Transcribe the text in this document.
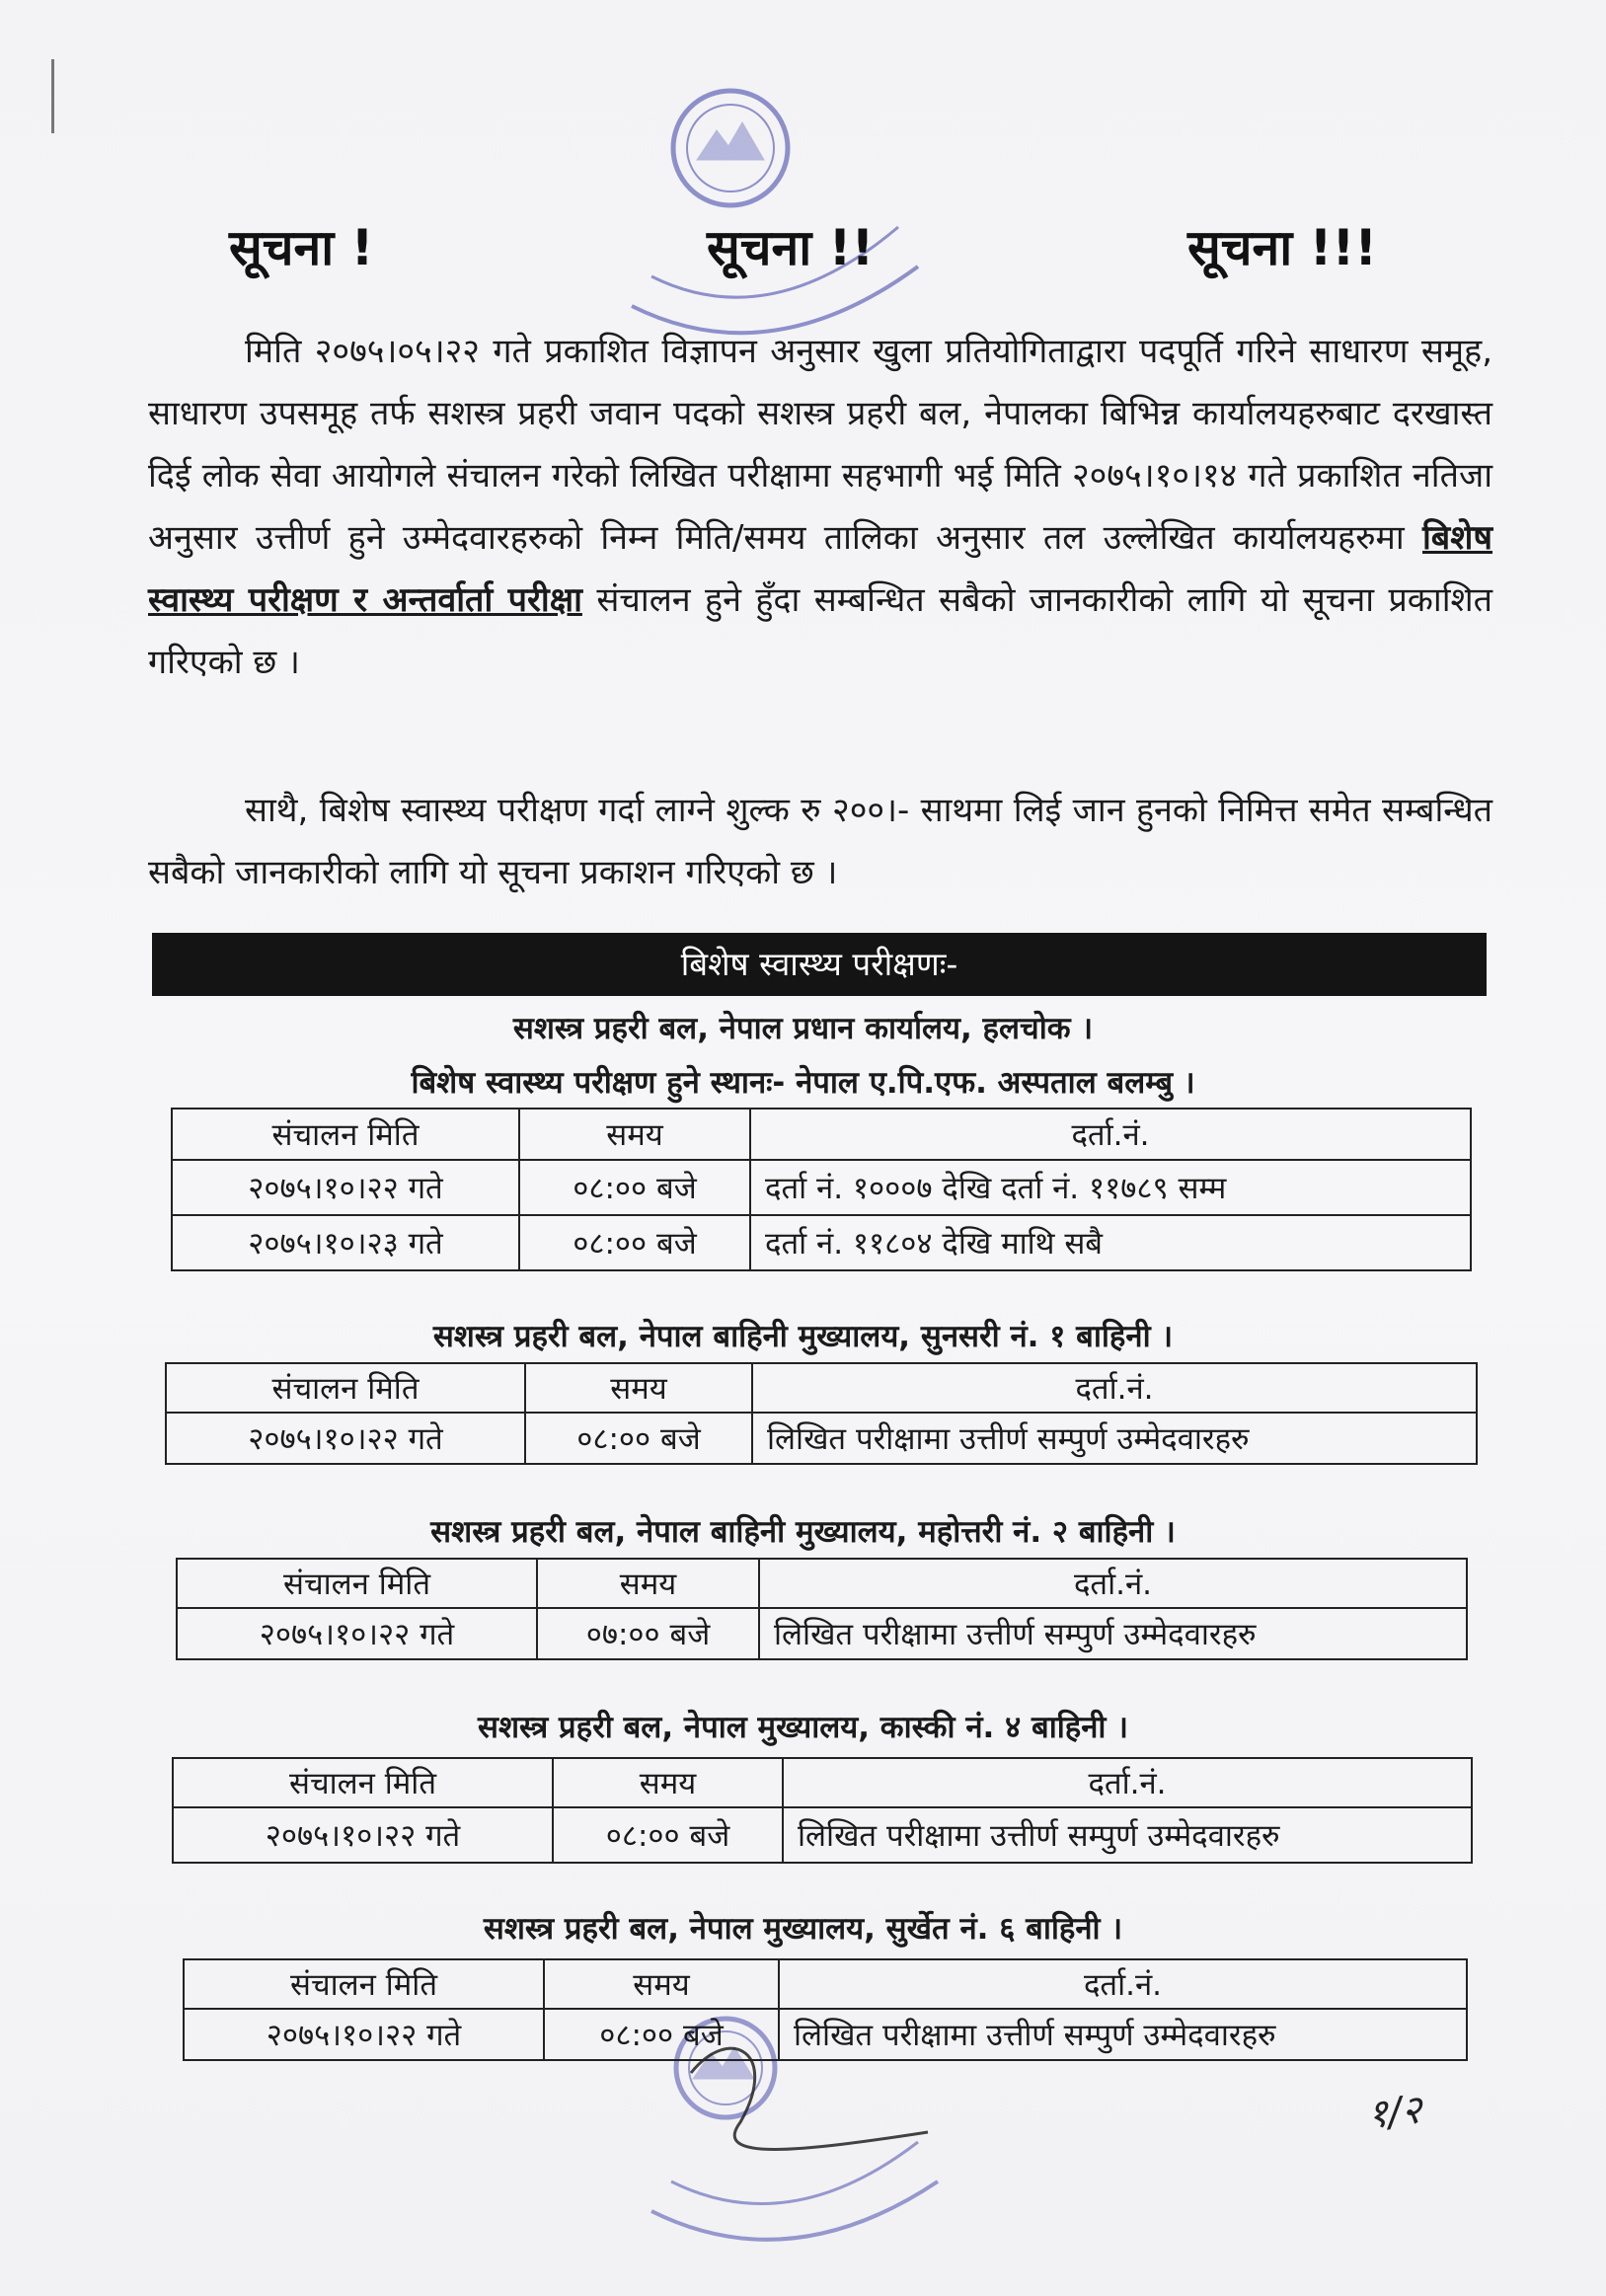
सूचना !	सूचना !!	सूचना !!!
मिति २०७५।०५।२२ गते प्रकाशित विज्ञापन अनुसार खुला प्रतियोगिताद्वारा पदपूर्ति गरिने साधारण समूह, साधारण उपसमूह तर्फ सशस्त्र प्रहरी जवान पदको सशस्त्र प्रहरी बल, नेपालका बिभिन्न कार्यालयहरुबाट दरखास्त दिई लोक सेवा आयोगले संचालन गरेको लिखित परीक्षामा सहभागी भई मिति २०७५।१०।१४ गते प्रकाशित नतिजा अनुसार उत्तीर्ण हुने उम्मेदवारहरुको निम्न मिति/समय तालिका अनुसार तल उल्लेखित कार्यालयहरुमा बिशेष स्वास्थ्य परीक्षण र अन्तर्वार्ता परीक्षा संचालन हुने हुँदा सम्बन्धित सबैको जानकारीको लागि यो सूचना प्रकाशित गरिएको छ ।
साथै, बिशेष स्वास्थ्य परीक्षण गर्दा लाग्ने शुल्क रु २००।- साथमा लिई जान हुनको निमित्त समेत सम्बन्धित सबैको जानकारीको लागि यो सूचना प्रकाशन गरिएको छ ।
बिशेष स्वास्थ्य परीक्षणः-
सशस्त्र प्रहरी बल, नेपाल प्रधान कार्यालय, हलचोक ।
बिशेष स्वास्थ्य परीक्षण हुने स्थानः- नेपाल ए.पि.एफ. अस्पताल बलम्बु ।
संचालन मिति	समय	दर्ता.नं.
२०७५।१०।२२ गते	०८:०० बजे	दर्ता नं. १०००७ देखि दर्ता नं. ११७८९ सम्म
२०७५।१०।२३ गते	०८:०० बजे	दर्ता नं. ११८०४ देखि माथि सबै
सशस्त्र प्रहरी बल, नेपाल बाहिनी मुख्यालय, सुनसरी नं. १ बाहिनी ।
संचालन मिति	समय	दर्ता.नं.
२०७५।१०।२२ गते	०८:०० बजे	लिखित परीक्षामा उत्तीर्ण सम्पुर्ण उम्मेदवारहरु
सशस्त्र प्रहरी बल, नेपाल बाहिनी मुख्यालय, महोत्तरी नं. २ बाहिनी ।
संचालन मिति	समय	दर्ता.नं.
२०७५।१०।२२ गते	०७:०० बजे	लिखित परीक्षामा उत्तीर्ण सम्पुर्ण उम्मेदवारहरु
सशस्त्र प्रहरी बल, नेपाल मुख्यालय, कास्की नं. ४ बाहिनी ।
संचालन मिति	समय	दर्ता.नं.
२०७५।१०।२२ गते	०८:०० बजे	लिखित परीक्षामा उत्तीर्ण सम्पुर्ण उम्मेदवारहरु
सशस्त्र प्रहरी बल, नेपाल मुख्यालय, सुर्खेत नं. ६ बाहिनी ।
संचालन मिति	समय	दर्ता.नं.
२०७५।१०।२२ गते	०८:०० बजे	लिखित परीक्षामा उत्तीर्ण सम्पुर्ण उम्मेदवारहरु
१/२
